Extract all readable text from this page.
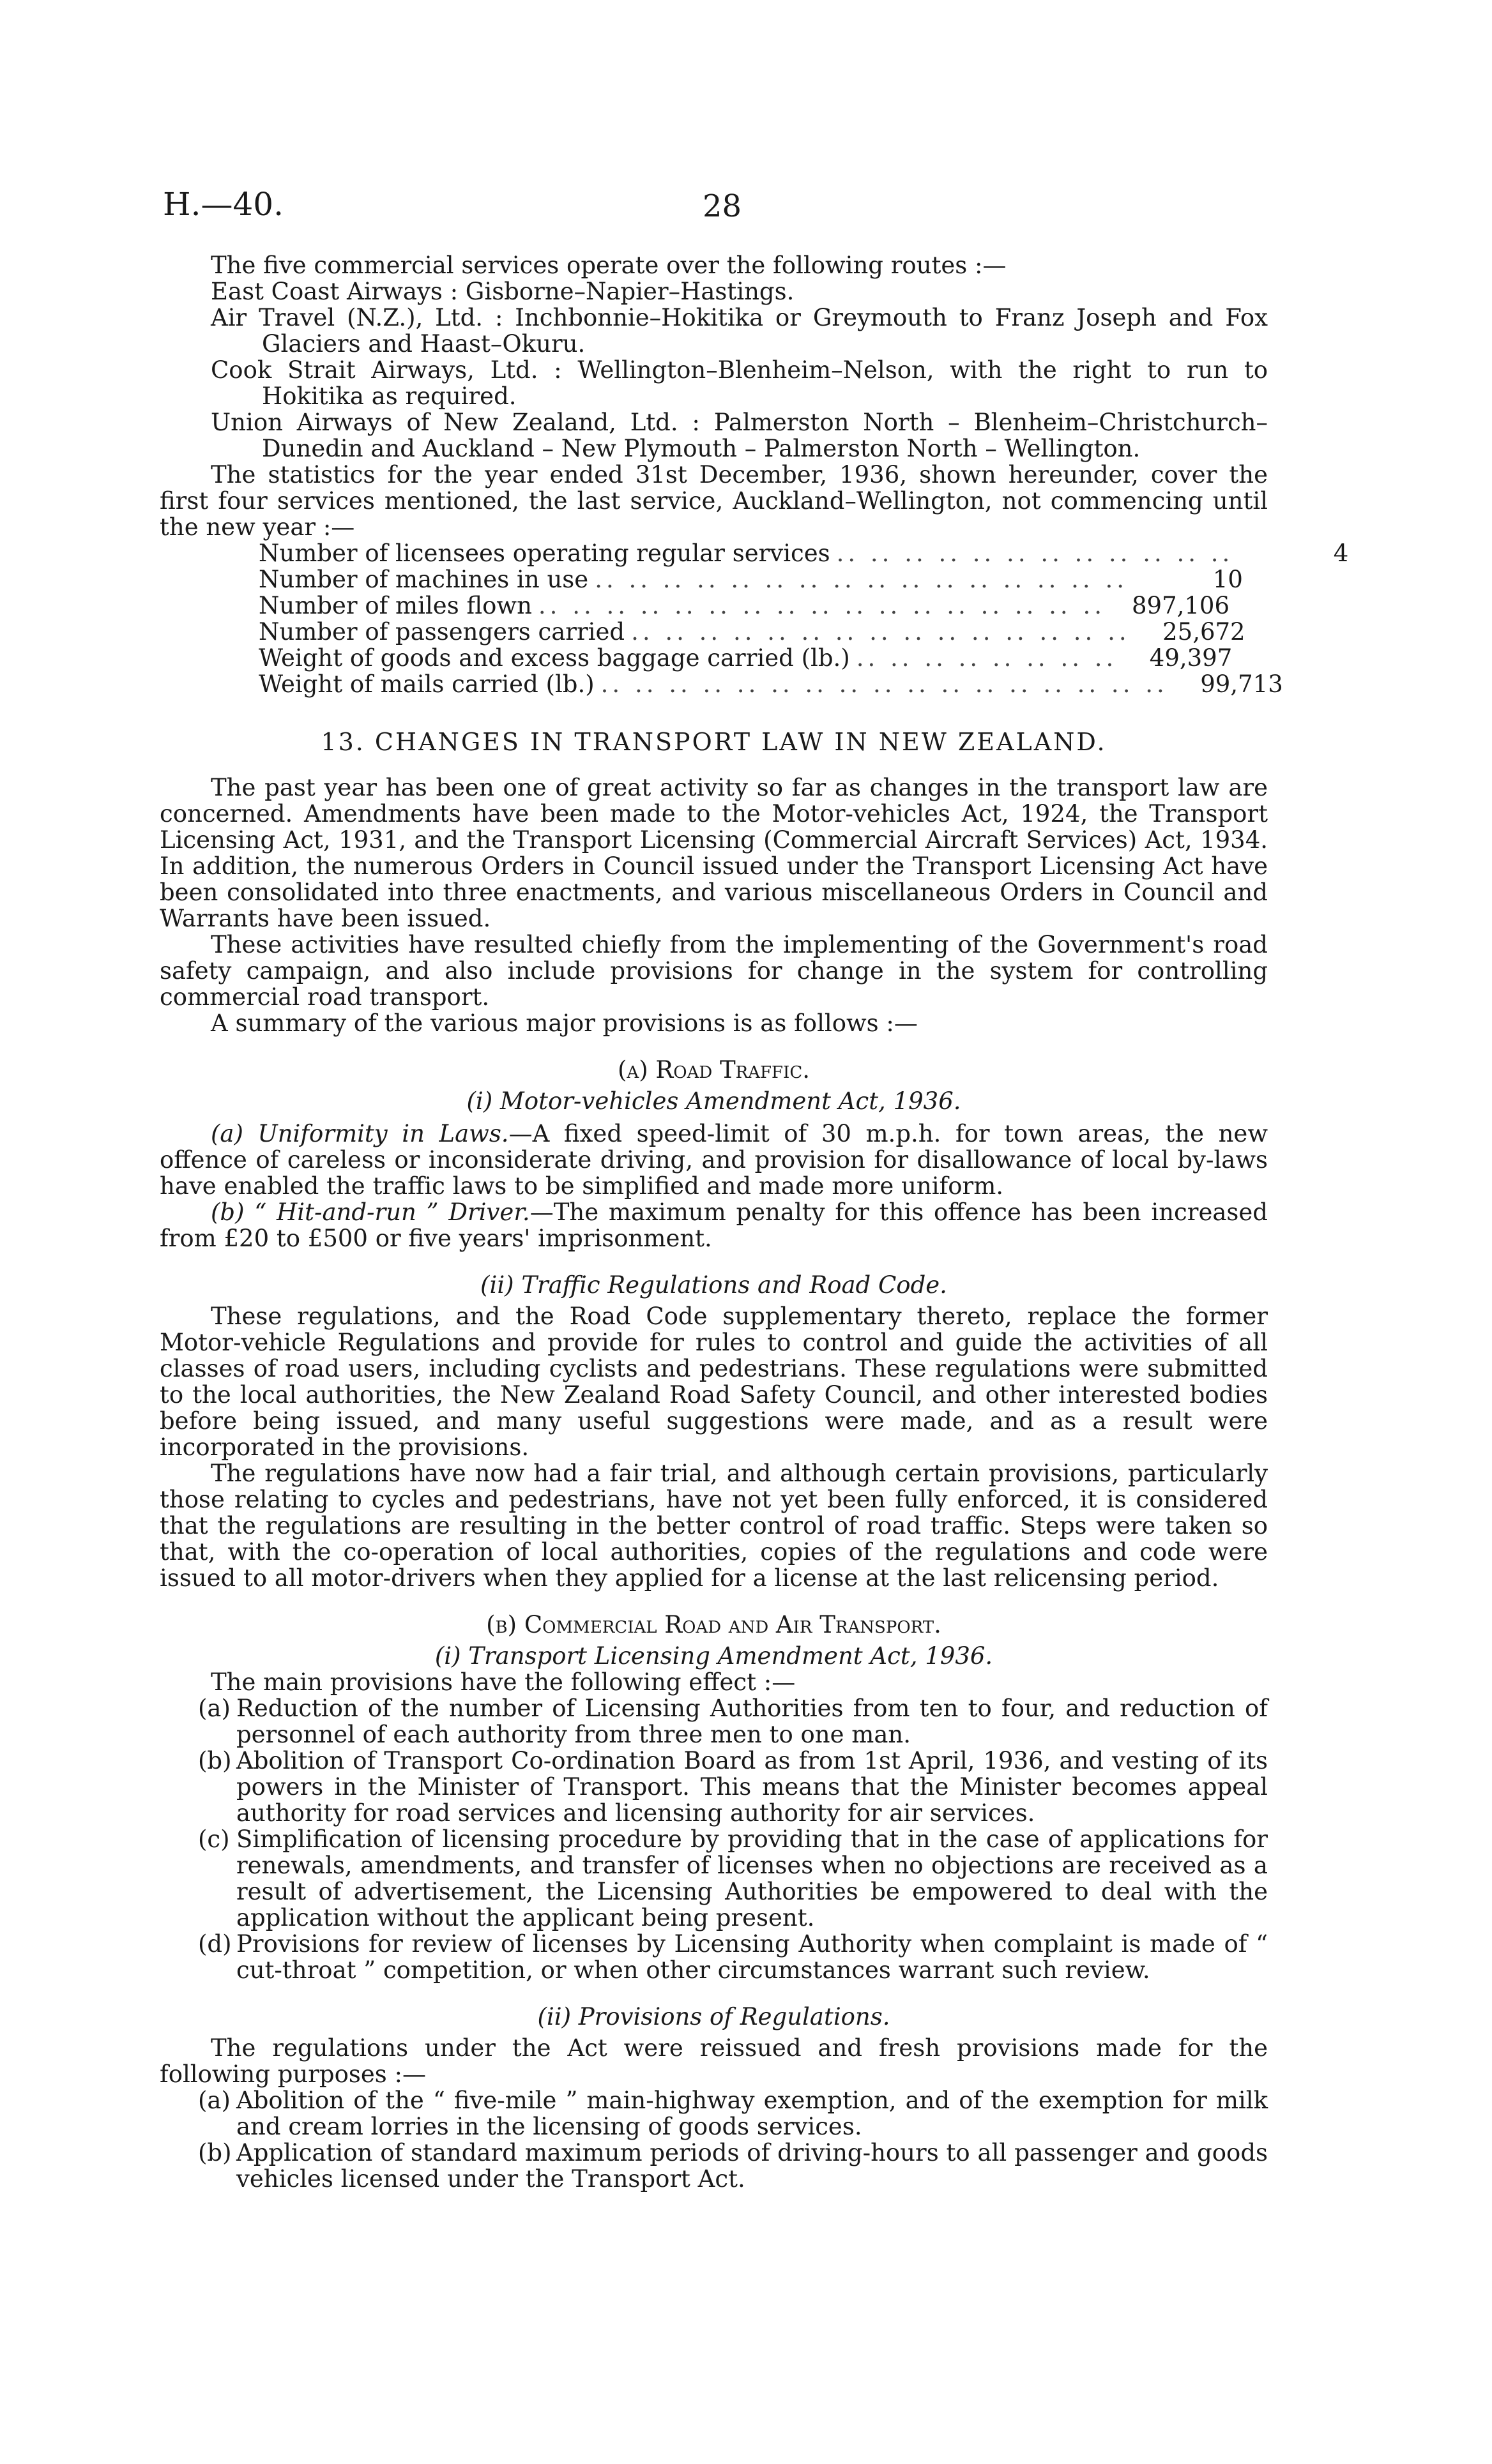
H.—40.	28

The five commercial services operate over the following routes :—

East Coast Airways : Gisborne–Napier–Hastings.

Air Travel (N.Z.), Ltd. : Inchbonnie–Hokitika or Greymouth to Franz Joseph and Fox Glaciers and Haast–Okuru.

Cook Strait Airways, Ltd. : Wellington–Blenheim–Nelson, with the right to run to Hokitika as required.

Union Airways of New Zealand, Ltd. : Palmerston North – Blenheim–Christchurch–Dunedin and Auckland – New Plymouth – Palmerston North – Wellington.

The statistics for the year ended 31st December, 1936, shown hereunder, cover the first four services mentioned, the last service, Auckland–Wellington, not commencing until the new year :—

Number of licensees operating regular services .. .. .. .. .. .. .. .. .. .. .. ..	4
Number of machines in use .. .. .. .. .. .. .. .. .. .. .. .. .. .. .. ..	10
Number of miles flown .. .. .. .. .. .. .. .. .. .. .. .. .. .. .. .. ..	897,106
Number of passengers carried .. .. .. .. .. .. .. .. .. .. .. .. .. .. ..	25,672
Weight of goods and excess baggage carried (lb.) .. .. .. .. .. .. .. ..	49,397
Weight of mails carried (lb.) .. .. .. .. .. .. .. .. .. .. .. .. .. .. .. .. ..	99,713

13. CHANGES IN TRANSPORT LAW IN NEW ZEALAND.

The past year has been one of great activity so far as changes in the transport law are concerned. Amendments have been made to the Motor-vehicles Act, 1924, the Transport Licensing Act, 1931, and the Transport Licensing (Commercial Aircraft Services) Act, 1934. In addition, the numerous Orders in Council issued under the Transport Licensing Act have been consolidated into three enactments, and various miscellaneous Orders in Council and Warrants have been issued.

These activities have resulted chiefly from the implementing of the Government's road safety campaign, and also include provisions for change in the system for controlling commercial road transport.

A summary of the various major provisions is as follows :—

(a) Road Traffic.

(i) Motor-vehicles Amendment Act, 1936.

(a) Uniformity in Laws.—A fixed speed-limit of 30 m.p.h. for town areas, the new offence of careless or inconsiderate driving, and provision for disallowance of local by-laws have enabled the traffic laws to be simplified and made more uniform.

(b) “ Hit-and-run ” Driver.—The maximum penalty for this offence has been increased from £20 to £500 or five years' imprisonment.

(ii) Traffic Regulations and Road Code.

These regulations, and the Road Code supplementary thereto, replace the former Motor-vehicle Regulations and provide for rules to control and guide the activities of all classes of road users, including cyclists and pedestrians. These regulations were submitted to the local authorities, the New Zealand Road Safety Council, and other interested bodies before being issued, and many useful suggestions were made, and as a result were incorporated in the provisions.

The regulations have now had a fair trial, and although certain provisions, particularly those relating to cycles and pedestrians, have not yet been fully enforced, it is considered that the regulations are resulting in the better control of road traffic. Steps were taken so that, with the co-operation of local authorities, copies of the regulations and code were issued to all motor-drivers when they applied for a license at the last relicensing period.

(b) Commercial Road and Air Transport.

(i) Transport Licensing Amendment Act, 1936.

The main provisions have the following effect :—

(a) Reduction of the number of Licensing Authorities from ten to four, and reduction of personnel of each authority from three men to one man.
(b) Abolition of Transport Co-ordination Board as from 1st April, 1936, and vesting of its powers in the Minister of Transport. This means that the Minister becomes appeal authority for road services and licensing authority for air services.
(c) Simplification of licensing procedure by providing that in the case of applications for renewals, amendments, and transfer of licenses when no objections are received as a result of advertisement, the Licensing Authorities be empowered to deal with the application without the applicant being present.
(d) Provisions for review of licenses by Licensing Authority when complaint is made of “ cut-throat ” competition, or when other circumstances warrant such review.

(ii) Provisions of Regulations.

The regulations under the Act were reissued and fresh provisions made for the following purposes :—

(a) Abolition of the “ five-mile ” main-highway exemption, and of the exemption for milk and cream lorries in the licensing of goods services.
(b) Application of standard maximum periods of driving-hours to all passenger and goods vehicles licensed under the Transport Act.
